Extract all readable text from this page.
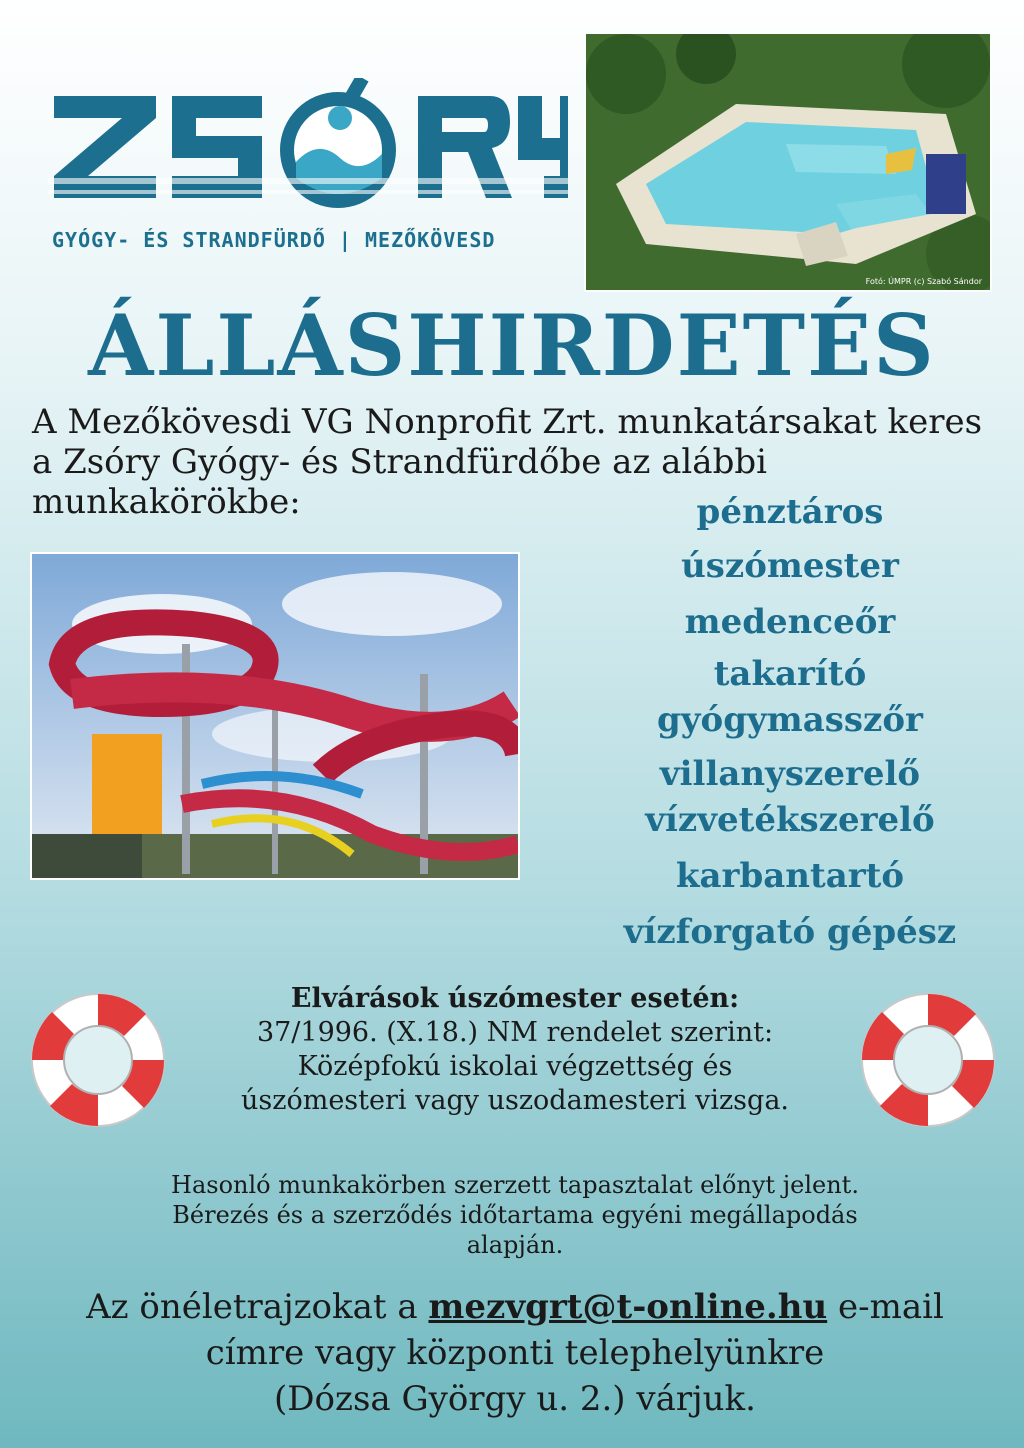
GYÓGY- ÉS STRANDFÜRDŐ | MEZŐKÖVESD
Fotó: ÚMPR (c) Szabó Sándor
ÁLLÁSHIRDETÉS
A Mezőkövesdi VG Nonprofit Zrt. munkatársakat keres a Zsóry Gyógy- és Strandfürdőbe az alábbi munkakörökbe:	pénztáros
úszómester
medenceőr
takarító
gyógymasszőr
villanyszerelő
vízvetékszerelő
karbantartó
vízforgató gépész
Elvárások úszómester esetén:
37/1996. (X.18.) NM rendelet szerint:
Középfokú iskolai végzettség és
úszómesteri vagy uszodamesteri vizsga.
Hasonló munkakörben szerzett tapasztalat előnyt jelent.
Bérezés és a szerződés időtartama egyéni megállapodás
alapján.
Az önéletrajzokat a mezvgrt@t-online.hu e-mail
címre vagy központi telephelyünkre
(Dózsa György u. 2.) várjuk.
